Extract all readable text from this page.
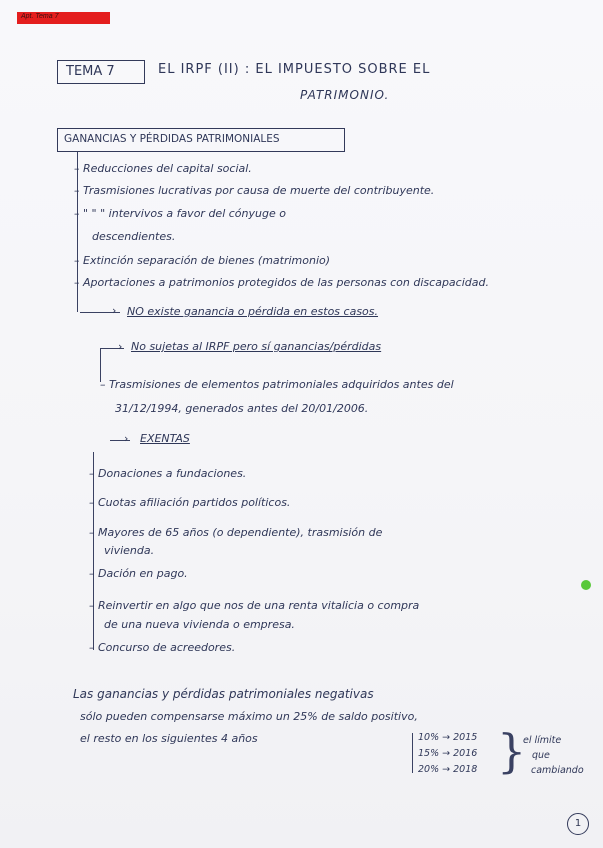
Apt. Tema 7
TEMA 7	EL IRPF (II) : EL IMPUESTO SOBRE EL
PATRIMONIO.
GANANCIAS Y PÉRDIDAS PATRIMONIALES
– Reducciones del capital social.
– Trasmisiones lucrativas por causa de muerte del contribuyente.
– " " " intervivos a favor del cónyuge o
descendientes.
– Extinción separación de bienes (matrimonio)
– Aportaciones a patrimonios protegidos de las personas con discapacidad.
› NO existe ganancia o pérdida en estos casos.
› No sujetas al IRPF pero sí ganancias/pérdidas
– Trasmisiones de elementos patrimoniales adquiridos antes del
31/12/1994, generados antes del 20/01/2006.
› EXENTAS
– Donaciones a fundaciones.
– Cuotas afiliación partidos políticos.
– Mayores de 65 años (o dependiente), trasmisión de
vivienda.
– Dación en pago.
– Reinvertir en algo que nos de una renta vitalicia o compra
de una nueva vivienda o empresa.
– Concurso de acreedores.
Las ganancias y pérdidas patrimoniales negativas
sólo pueden compensarse máximo un 25% de saldo positivo,
el resto en los siguientes 4 años	10% → 2015
15% → 2016
20% → 2018 }
el límite
que
cambiando
1
